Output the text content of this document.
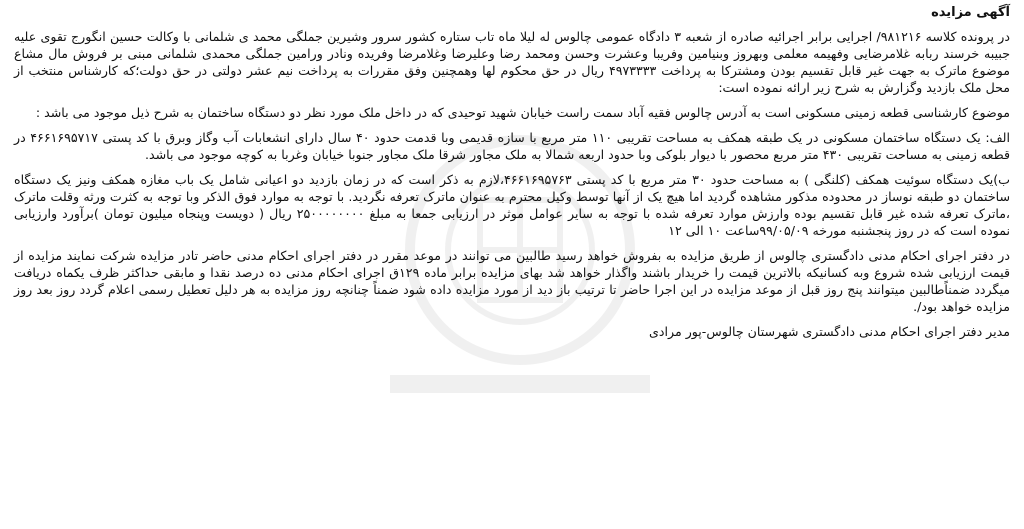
آگهی مزایده

در پرونده کلاسه ۹۸۱۲۱۶/ اجرایی برابر اجرائیه صادره از شعبه ۳ دادگاه عمومی چالوس له لیلا ماه تاب ستاره کشور سرور وشیرین جملگی محمد ی شلمانی با وکالت حسین انگورج تقوی علیه جبیبه خرسند ربابه غلامرضایی وفهیمه معلمی وبهروز وبنیامین وفریبا وعشرت وحسن ومحمد رضا وعلیرضا وغلامرضا وفریده ونادر ورامین جملگی محمدی شلمانی مبنی بر فروش مال مشاع موضوع ماترک به جهت غیر قابل تقسیم بودن ومشترکا به پرداخت ۴۹۷۳۳۳۳ ریال در حق محکوم لها وهمچنین وفق مقررات به پرداخت نیم عشر دولتی در حق دولت؛که کارشناس منتخب از محل ملک بازدید وگزارش به شرح زیر ارائه نموده است:

موضوع کارشناسی قطعه زمینی مسکونی است به آدرس چالوس فقیه آباد سمت راست خیابان شهید توحیدی که در داخل ملک مورد نظر دو دستگاه ساختمان به شرح ذیل موجود می باشد :

الف: یک دستگاه ساختمان مسکونی در یک طبقه همکف به مساحت تقریبی ۱۱۰ متر مربع با سازه قدیمی وبا قدمت حدود ۴۰ سال دارای انشعابات آب وگاز وبرق با کد پستی ۴۶۶۱۶۹۵۷۱۷ در قطعه زمینی به مساحت تقریبی ۴۳۰ متر مربع محصور با دیوار بلوکی وبا حدود اربعه شمالا به ملک مجاور شرقا ملک مجاور جنوبا خیابان وغربا به کوچه موجود می باشد.

ب)یک دستگاه سوئیت همکف (کلنگی ) به مساحت حدود ۳۰ متر مربع با کد پستی ۴۶۶۱۶۹۵۷۶۳،لازم به ذکر است که در زمان بازدید دو اعیانی شامل یک باب مغازه همکف ونیز یک دستگاه ساختمان دو طبقه نوساز در محدوده مذکور مشاهده گردید اما هیچ یک از آنها توسط وکیل محترم به عنوان ماترک تعرفه نگردید. با توجه به موارد فوق الذکر وبا توجه به کثرت ورثه وقلت ماترک ،ماترک تعرفه شده غیر قابل تقسیم بوده وارزش موارد تعرفه شده با توجه به سایر عوامل موثر در ارزیابی جمعا به مبلغ ۲۵۰۰۰۰۰۰۰۰ ریال ( دویست وپنجاه میلیون تومان )برآورد وارزیابی نموده است که در روز پنجشنبه مورخه ۹۹/۰۵/۰۹ساعت ۱۰ الی ۱۲

در دفتر اجرای احکام مدنی دادگستری چالوس از طریق مزایده به بفروش خواهد رسید طالبین می توانند در موعد مقرر در دفتر اجرای احکام مدنی حاضر تادر مزایده شرکت نمایند مزایده از قیمت ارزیابی شده شروع وبه کسانیکه بالاترین قیمت را خریدار باشند واگذار خواهد شد بهای مزایده برابر ماده ۱۲۹ق اجرای احکام مدنی ده درصد نقدا و مابقی حداکثر ظرف یکماه دریافت میگردد ضمناًطالبین میتوانند پنج روز قبل از موعد مزایده در این اجرا حاضر تا ترتیب باز دید از مورد مزایده داده شود ضمناً چنانچه روز مزایده به هر دلیل تعطیل رسمی اعلام گردد روز بعد روز مزایده خواهد بود/.

مدیر دفتر اجرای احکام مدنی دادگستری شهرستان چالوس-پور مرادی
